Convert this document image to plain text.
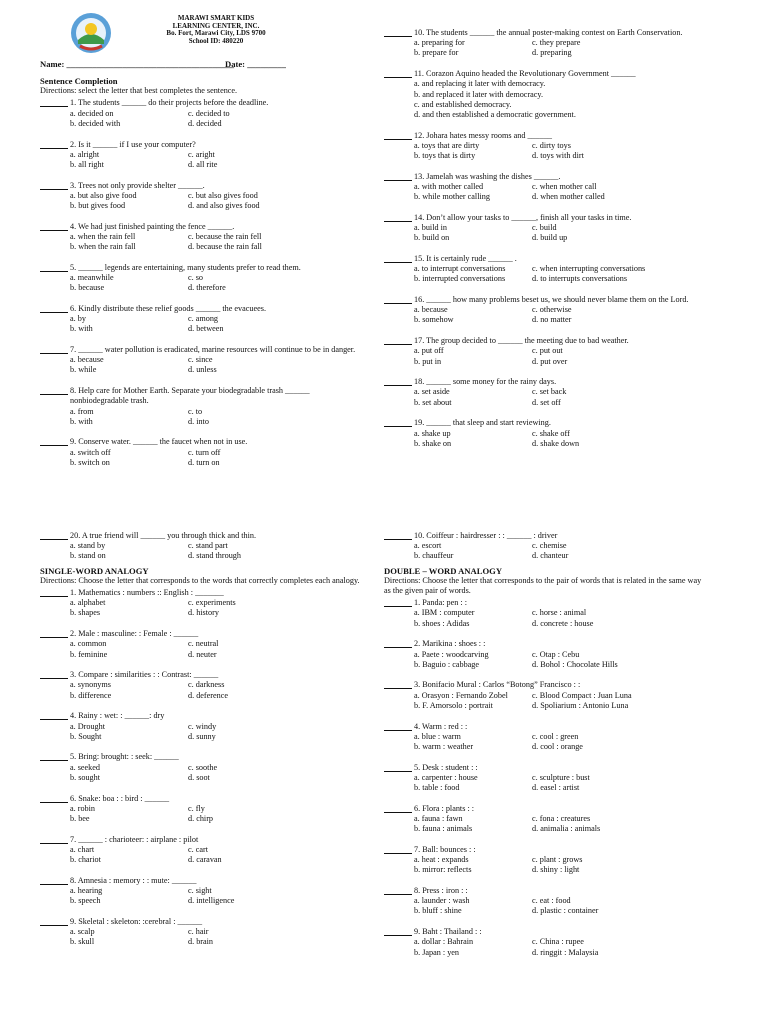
MARAWI SMART KIDS
LEARNING CENTER, INC.
Bo. Fort, Marawi City, LDS 9700
School ID: 480220
Name: _______________________________________
Date: _________
Sentence Completion
Directions: select the letter that best completes the sentence.
1. The students ______ do their projects before the deadline.
a. decided on	c. decided to
b. decided with	d. decided
2. Is it ______ if I use your computer?
a. alright	c. aright
b. all right	d. all rite
3. Trees not only provide shelter ______.
a. but also give food	c. but also gives food
b. but gives food	d. and also gives food
4. We had just finished painting the fence ______.
a. when the rain fell	c. because the rain fell
b. when the rain fall	d. because the rain fall
5. ______ legends are entertaining, many students prefer to read them.
a. meanwhile	c. so
b. because	d. therefore
6. Kindly distribute these relief goods ______ the evacuees.
a. by	c. among
b. with	d. between
7. ______ water pollution is eradicated, marine resources will continue to be in danger.
a. because	c. since
b. while	d. unless
8. Help care for Mother Earth. Separate your biodegradable trash ______ nonbiodegradable trash.
a. from	c. to
b. with	d. into
9. Conserve water. ______ the faucet when not in use.
a. switch off	c. turn off
b. switch on	d. turn on
10. The students ______ the annual poster-making contest on Earth Conservation.
a. preparing for	c. they prepare
b. prepare for	d. preparing
11. Corazon Aquino headed the Revolutionary Government ______
a. and replacing it later with democracy.
b. and replaced it later with democracy.
c. and established democracy.
d. and then established a democratic government.
12. Johara hates messy rooms and ______
a. toys that are dirty	c. dirty toys
b. toys that is dirty	d. toys with dirt
13. Jamelah was washing the dishes ______.
a. with mother called	c. when mother call
b. while mother calling	d. when mother called
14. Don’t allow your tasks to ______, finish all your tasks in time.
a. build in	c. build
b. build on	d. build up
15. It is certainly rude ______ .
a. to interrupt conversations	c. when interrupting conversations
b. interrupted conversations	d. to interrupts conversations
16. ______ how many problems beset us, we should never blame them on the Lord.
a. because	c. otherwise
b. somehow	d. no matter
17. The group decided to ______ the meeting due to bad weather.
a. put off	c. put out
b. put in	d. put over
18. ______ some money for the rainy days.
a. set aside	c. set back
b. set about	d. set off
19. ______ that sleep and start reviewing.
a. shake up	c. shake off
b. shake on	d. shake down
20. A true friend will ______ you through thick and thin.
a. stand by	c. stand part
b. stand on	d. stand through
SINGLE-WORD ANALOGY
Directions: Choose the letter that corresponds to the words that correctly completes each analogy.
1. Mathematics : numbers :: English : _______
a. alphabet	c. experiments
b. shapes	d. history
2. Male : masculine: : Female : ______
a. common	c. neutral
b. feminine	d. neuter
3. Compare : similarities : : Contrast: ______
a. synonyms	c. darkness
b. difference	d. deference
4. Rainy : wet: : ______: dry
a. Drought	c. windy
b. Sought	d. sunny
5. Bring: brought: : seek: ______
a. seeked	c. soothe
b. sought	d. soot
6. Snake: boa : : bird : ______
a. robin	c. fly
b. bee	d. chirp
7. ______ : charioteer: : airplane : pilot
a. chart	c. cart
b. chariot	d. caravan
8. Amnesia : memory : : mute: ______
a. hearing	c. sight
b. speech	d. intelligence
9. Skeletal : skeleton: :cerebral : ______
a. scalp	c. hair
b. skull	d. brain
10. Coiffeur : hairdresser : : ______ : driver
a. escort	c. chemise
b. chauffeur	d. chanteur
DOUBLE – WORD ANALOGY
Directions: Choose the letter that corresponds to the pair of words that is related in the same way as the given pair of words.
1. Panda: pen : :
a. IBM : computer	c. horse : animal
b. shoes : Adidas	d. concrete : house
2. Marikina : shoes : :
a. Paete : woodcarving	c. Otap : Cebu
b. Baguio : cabbage	d. Bohol : Chocolate Hills
3. Bonifacio Mural : Carlos “Botong” Francisco : :
a. Orasyon : Fernando Zobel	c. Blood Compact : Juan Luna
b. F. Amorsolo : portrait	d. Spoliarium : Antonio Luna
4. Warm : red : :
a. blue : warm	c. cool : green
b. warm : weather	d. cool : orange
5. Desk : student : :
a. carpenter : house	c. sculpture : bust
b. table : food	d. easel : artist
6. Flora : plants : :
a. fauna : fawn	c. fona : creatures
b. fauna : animals	d. animalia : animals
7. Ball: bounces : :
a. heat : expands	c. plant : grows
b. mirror: reflects	d. shiny : light
8. Press : iron : :
a. launder : wash	c. eat : food
b. bluff : shine	d. plastic : container
9. Baht : Thailand : :
a. dollar : Bahrain	c. China : rupee
b. Japan : yen	d. ringgit : Malaysia
